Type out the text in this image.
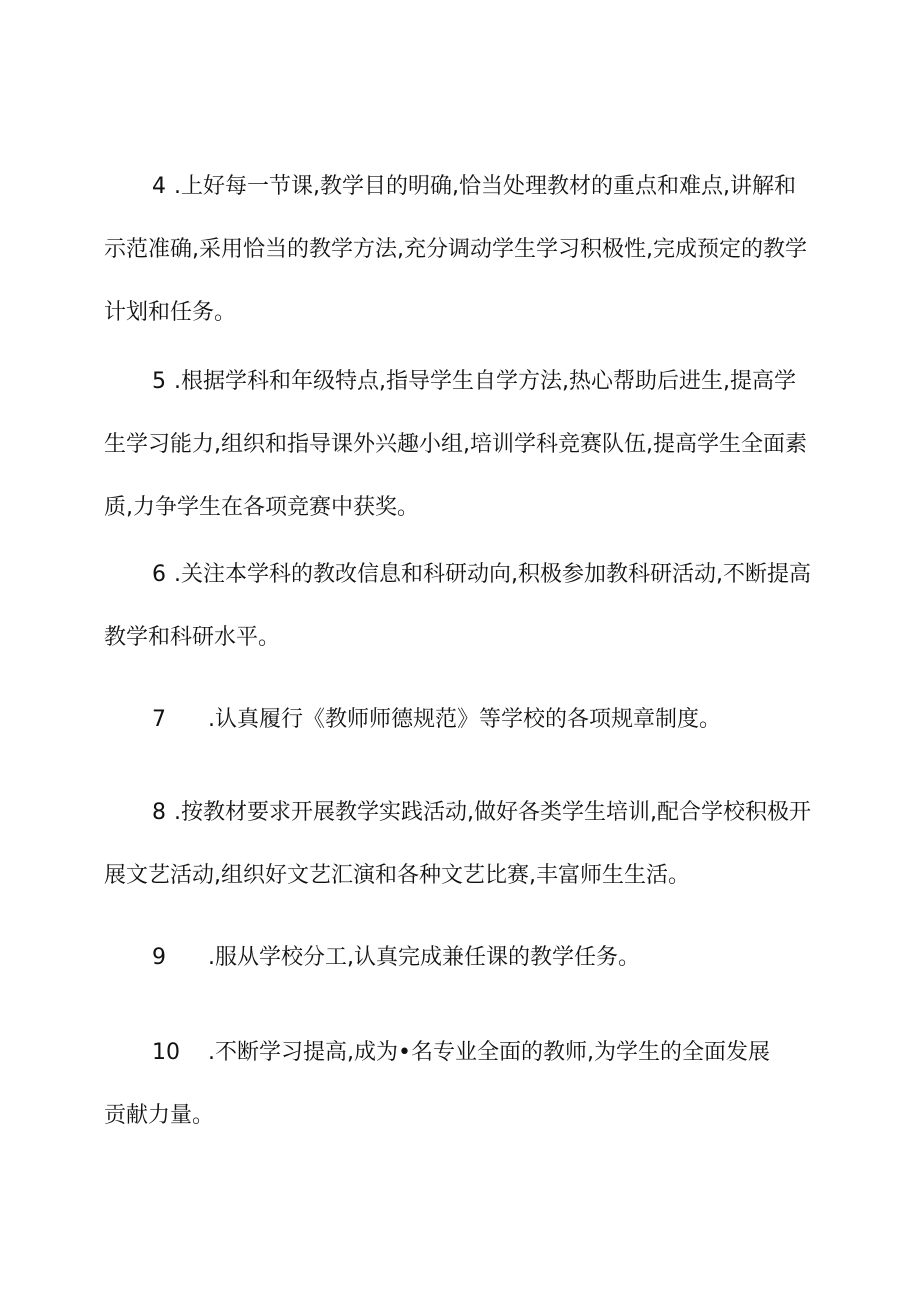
4 .上好每一节课,教学目的明确,恰当处理教材的重点和难点,讲解和
示范准确,采用恰当的教学方法,充分调动学生学习积极性,完成预定的教学
计划和任务。
5 .根据学科和年级特点,指导学生自学方法,热心帮助后进生,提高学
生学习能力,组织和指导课外兴趣小组,培训学科竞赛队伍,提高学生全面素
质,力争学生在各项竞赛中获奖。
6 .关注本学科的教改信息和科研动向,积极参加教科研活动,不断提高
教学和科研水平。
7 .认真履行《教师师德规范》等学校的各项规章制度。
8 .按教材要求开展教学实践活动,做好各类学生培训,配合学校积极开
展文艺活动,组织好文艺汇演和各种文艺比赛,丰富师生生活。
9 .服从学校分工,认真完成兼任课的教学任务。
10 .不断学习提高,成为•名专业全面的教师,为学生的全面发展
贡献力量。
